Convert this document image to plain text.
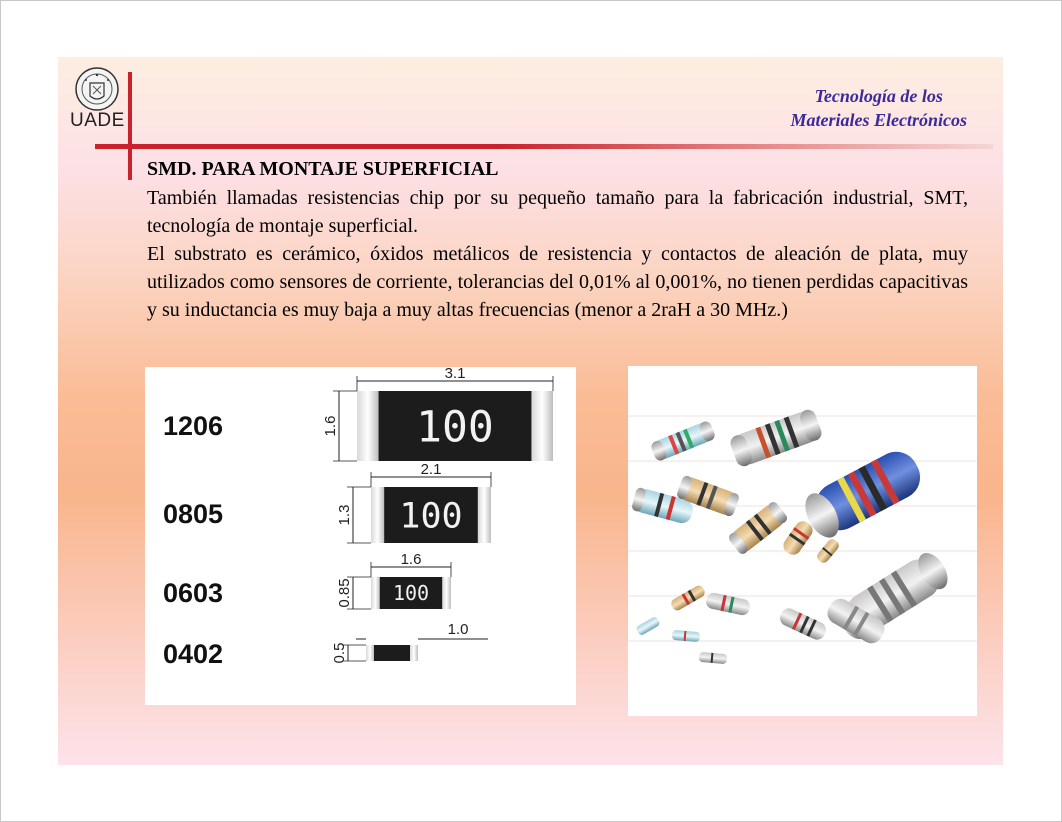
UADE
Tecnología de los
Materiales Electrónicos
SMD. PARA MONTAJE SUPERFICIAL

También llamadas resistencias chip por su pequeño tamaño para la fabricación industrial, SMT, tecnología de montaje superficial.

El substrato es cerámico, óxidos metálicos de resistencia y contactos de aleación de plata, muy utilizados como sensores de corriente, tolerancias del 0,01% al 0,001%, no tienen perdidas capacitivas y su inductancia es muy baja a muy altas frecuencias (menor a 2raH a 30 MHz.)

1206	100
1.6
3.1
0805	100
1.3
2.1
0603	100
0.85
1.6
0402	0.5
1.0
